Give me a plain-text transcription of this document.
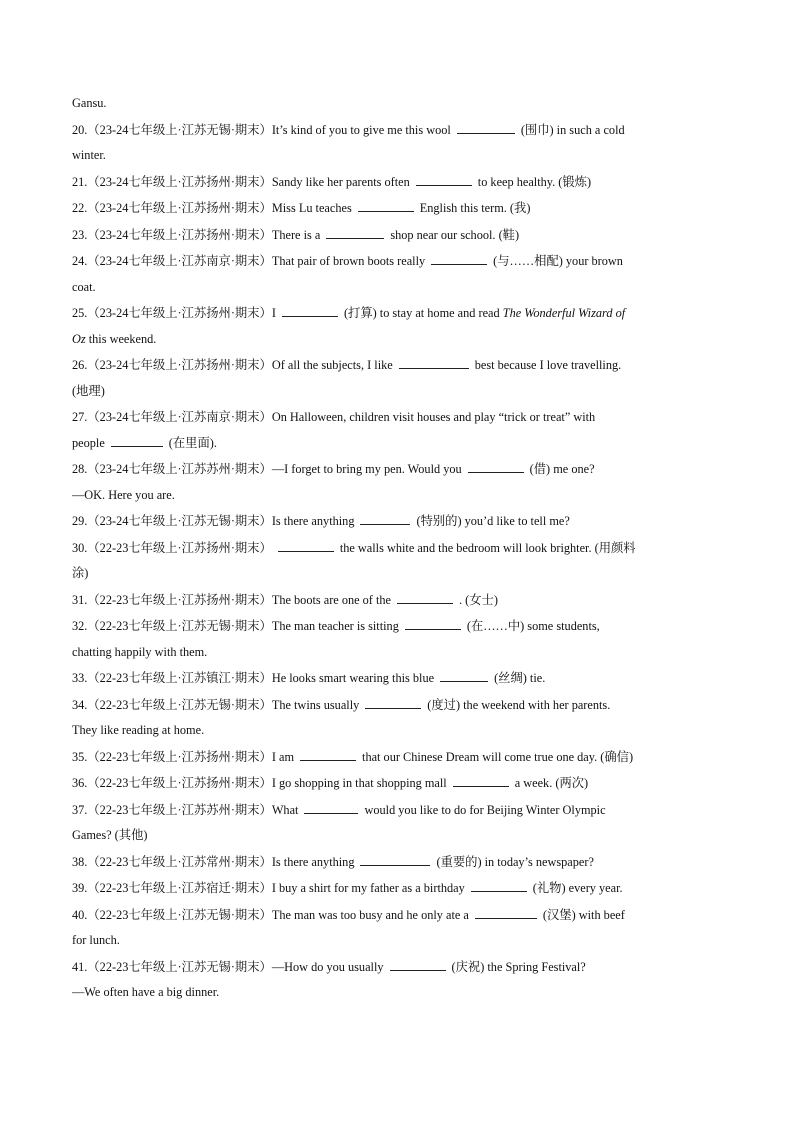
Gansu.
20.（23-24七年级上·江苏无锡·期末）It’s kind of you to give me this wool	(围巾) in such a cold
winter.
21.（23-24七年级上·江苏扬州·期末）Sandy like her parents often	to keep healthy. (锻炼)
22.（23-24七年级上·江苏扬州·期末）Miss Lu teaches	English this term. (我)
23.（23-24七年级上·江苏扬州·期末）There is a	shop near our school. (鞋)
24.（23-24七年级上·江苏南京·期末）That pair of brown boots really	(与……相配) your brown
coat.
25.（23-24七年级上·江苏扬州·期末）I	(打算) to stay at home and read The Wonderful Wizard of
Oz this weekend.
26.（23-24七年级上·江苏扬州·期末）Of all the subjects, I like	best because I love travelling.
(地理)
27.（23-24七年级上·江苏南京·期末）On Halloween, children visit houses and play “trick or treat” with
people	(在里面).
28.（23-24七年级上·江苏苏州·期末）—I forget to bring my pen. Would you	(借) me one?
—OK. Here you are.
29.（23-24七年级上·江苏无锡·期末）Is there anything	(特别的) you’d like to tell me?
30.（22-23七年级上·江苏扬州·期末）	the walls white and the bedroom will look brighter. (用颜料
涂)
31.（22-23七年级上·江苏扬州·期末）The boots are one of the	. (女士)
32.（22-23七年级上·江苏无锡·期末）The man teacher is sitting	(在……中) some students,
chatting happily with them.
33.（22-23七年级上·江苏镇江·期末）He looks smart wearing this blue	(丝绸) tie.
34.（22-23七年级上·江苏无锡·期末）The twins usually	(度过) the weekend with her parents.
They like reading at home.
35.（22-23七年级上·江苏扬州·期末）I am	that our Chinese Dream will come true one day. (确信)
36.（22-23七年级上·江苏扬州·期末）I go shopping in that shopping mall	a week. (两次)
37.（22-23七年级上·江苏苏州·期末）What	would you like to do for Beijing Winter Olympic
Games? (其他)
38.（22-23七年级上·江苏常州·期末）Is there anything	(重要的) in today’s newspaper?
39.（22-23七年级上·江苏宿迁·期末）I buy a shirt for my father as a birthday	(礼物) every year.
40.（22-23七年级上·江苏无锡·期末）The man was too busy and he only ate a	(汉堡) with beef
for lunch.
41.（22-23七年级上·江苏无锡·期末）—How do you usually	(庆祝) the Spring Festival?
—We often have a big dinner.
